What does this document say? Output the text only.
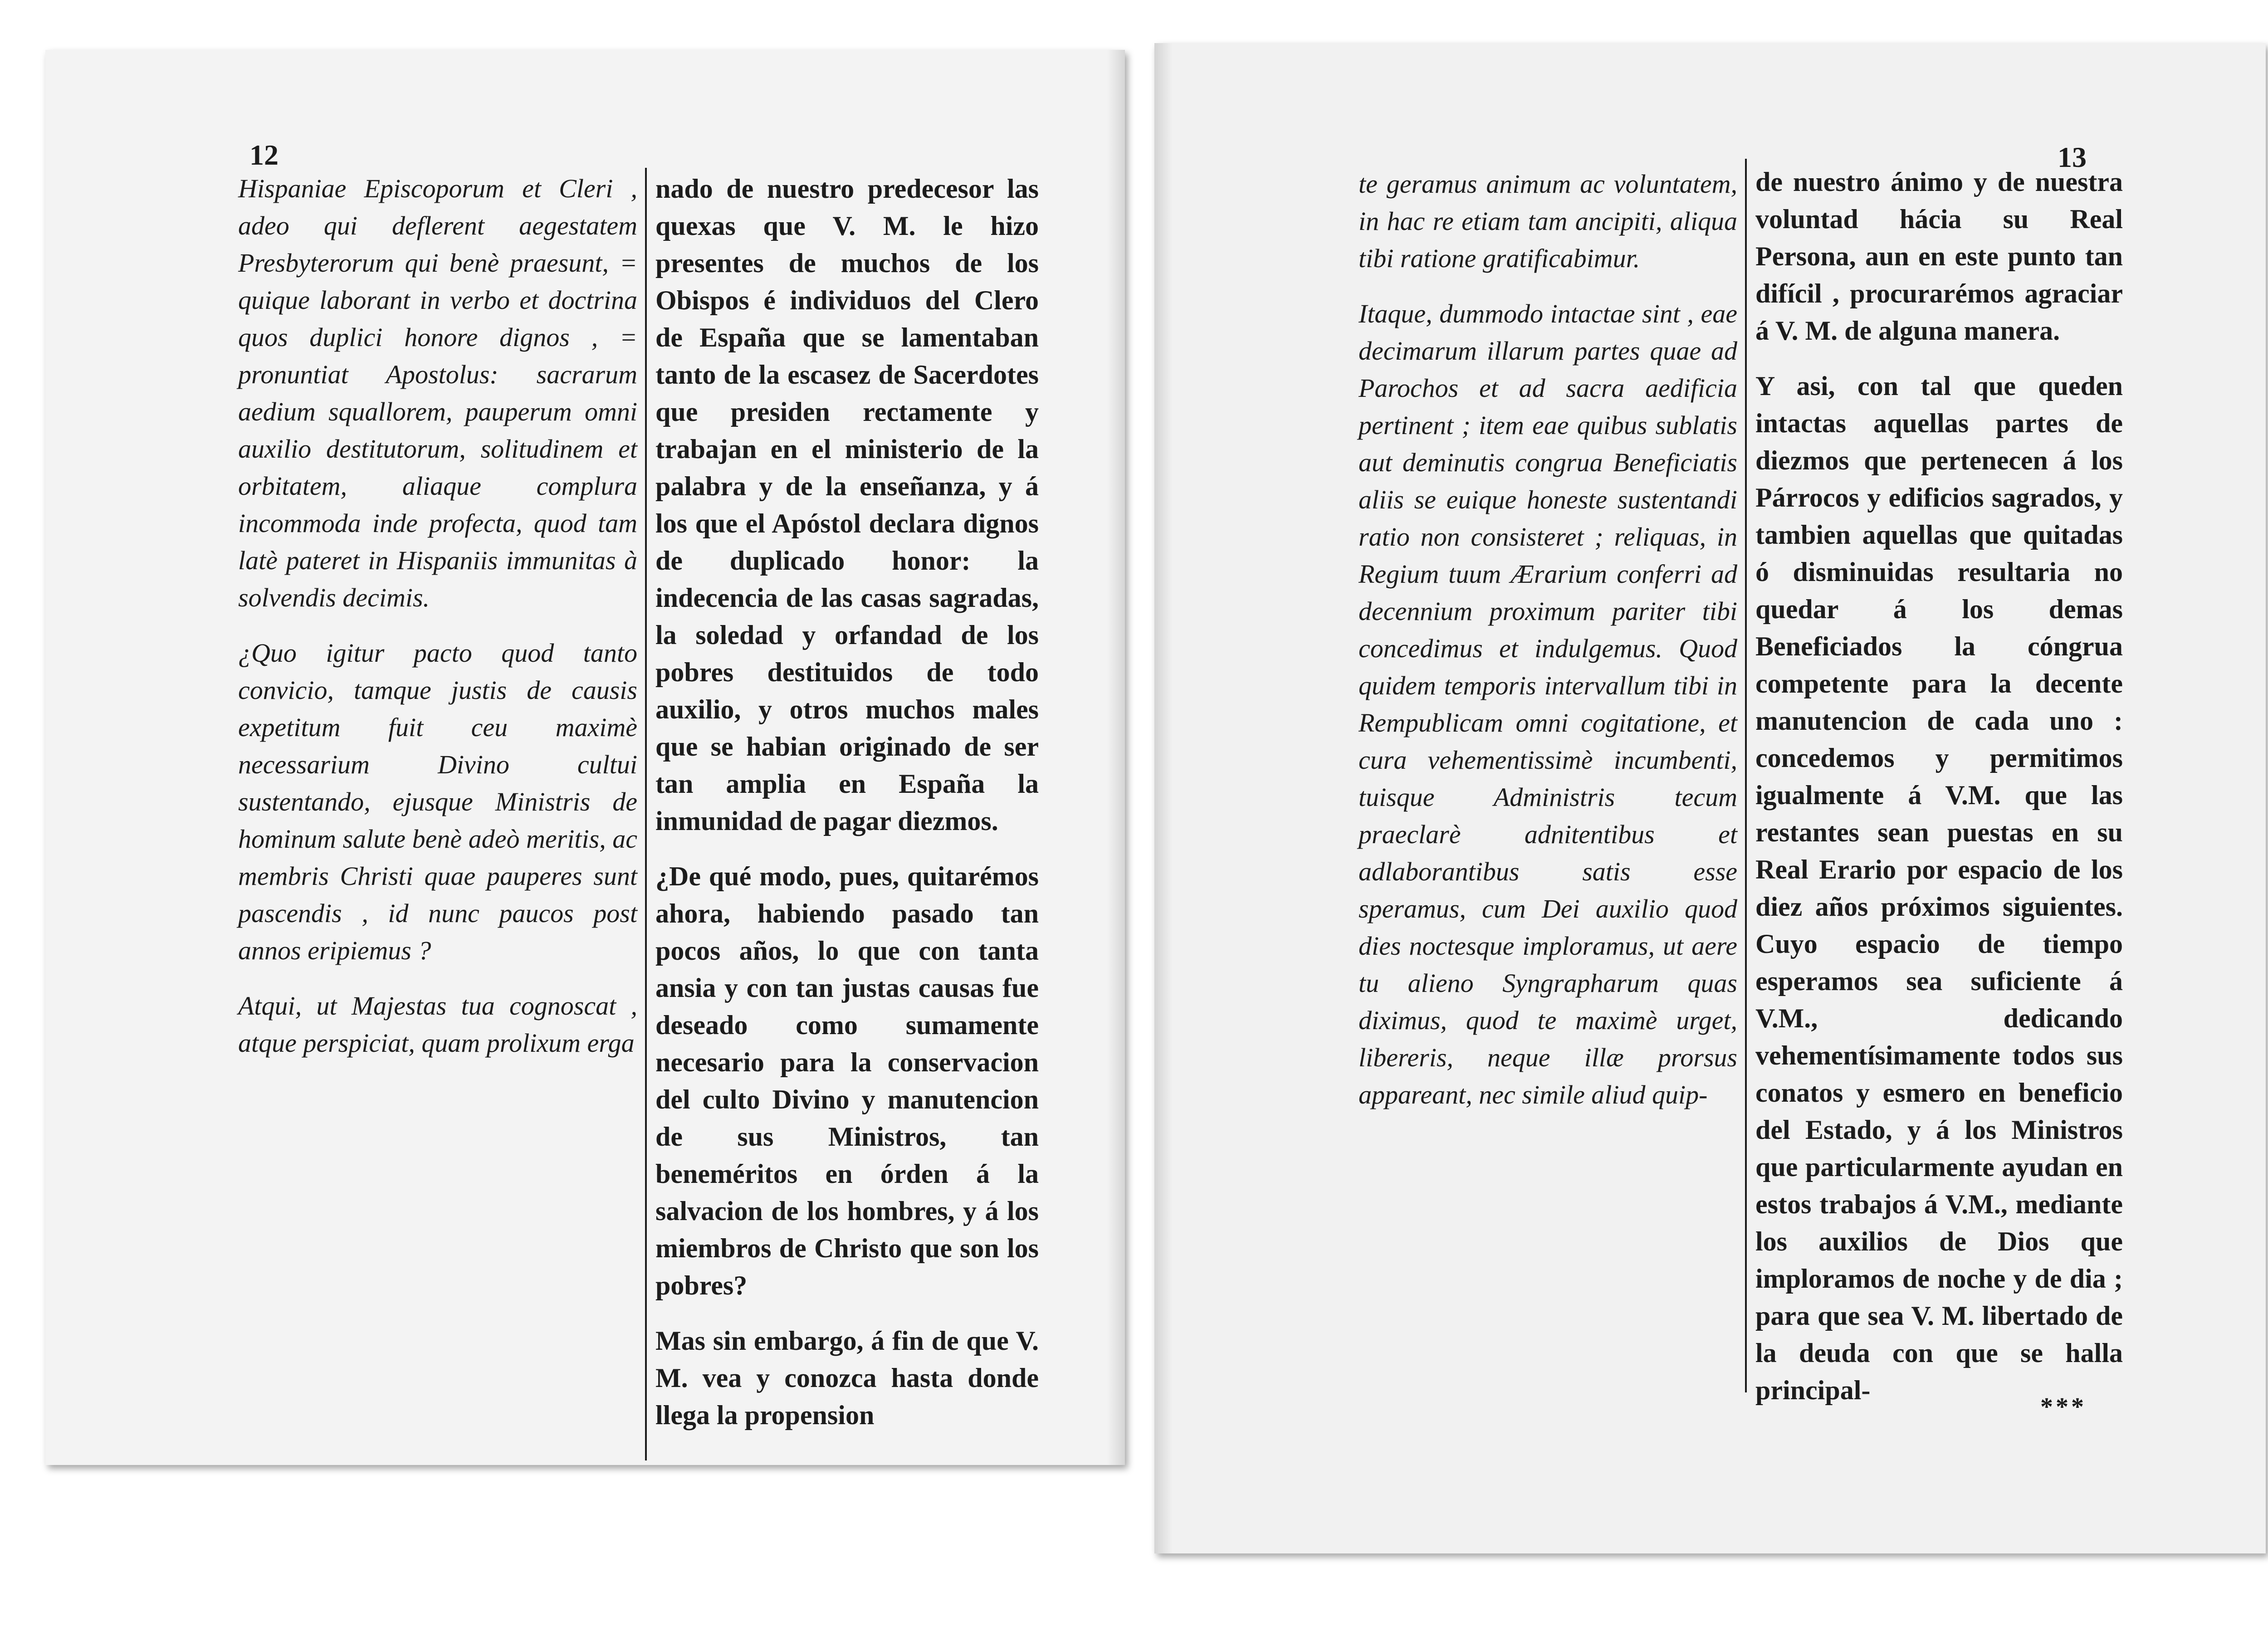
12

Hispaniae Episcoporum et Cleri , adeo qui deflerent aegestatem Presbyterorum qui benè praesunt, = quique laborant in verbo et doctrina quos duplici honore dignos , = pronuntiat Apostolus: sacrarum aedium squallorem, pauperum omni auxilio destitutorum, solitudinem et orbitatem, aliaque complura incommoda inde profecta, quod tam latè pateret in Hispaniis immunitas à solvendis decimis.

¿Quo igitur pacto quod tanto convicio, tamque justis de causis expetitum fuit ceu maximè necessarium Divino cultui sustentando, ejusque Ministris de hominum salute benè adeò meritis, ac membris Christi quae pauperes sunt pascendis , id nunc paucos post annos eripiemus ?

Atqui, ut Majestas tua cognoscat , atque perspiciat, quam prolixum erga

nado de nuestro predecesor las quexas que V. M. le hizo presentes de muchos de los Obispos é individuos del Clero de España que se lamentaban tanto de la escasez de Sacerdotes que presiden rectamente y trabajan en el ministerio de la palabra y de la enseñanza, y á los que el Apóstol declara dignos de duplicado honor: la indecencia de las casas sagradas, la soledad y orfandad de los pobres destituidos de todo auxilio, y otros muchos males que se habian originado de ser tan amplia en España la inmunidad de pagar diezmos.

¿De qué modo, pues, quitarémos ahora, habiendo pasado tan pocos años, lo que con tanta ansia y con tan justas causas fue deseado como sumamente necesario para la conservacion del culto Divino y manutencion de sus Ministros, tan beneméritos en órden á la salvacion de los hombres, y á los miembros de Christo que son los pobres?

Mas sin embargo, á fin de que V. M. vea y conozca hasta donde llega la propension

13

te geramus animum ac voluntatem, in hac re etiam tam ancipiti, aliqua tibi ratione gratificabimur.

Itaque, dummodo intactae sint , eae decimarum illarum partes quae ad Parochos et ad sacra aedificia pertinent ; item eae quibus sublatis aut deminutis congrua Beneficiatis aliis se euique honeste sustentandi ratio non consisteret ; reliquas, in Regium tuum Ærarium conferri ad decennium proximum pariter tibi concedimus et indulgemus. Quod quidem temporis intervallum tibi in Rempublicam omni cogitatione, et cura vehementissimè incumbenti, tuisque Administris tecum praeclarè adnitentibus et adlaborantibus satis esse speramus, cum Dei auxilio quod dies noctesque imploramus, ut aere tu alieno Syngrapharum quas diximus, quod te maximè urget, libereris, neque illæ prorsus appareant, nec simile aliud quip-

de nuestro ánimo y de nuestra voluntad hácia su Real Persona, aun en este punto tan difícil , procurarémos agraciar á V. M. de alguna manera.

Y asi, con tal que queden intactas aquellas partes de diezmos que pertenecen á los Párrocos y edificios sagrados, y tambien aquellas que quitadas ó disminuidas resultaria no quedar á los demas Beneficiados la cóngrua competente para la decente manutencion de cada uno : concedemos y permitimos igualmente á V.M. que las restantes sean puestas en su Real Erario por espacio de los diez años próximos siguientes. Cuyo espacio de tiempo esperamos sea suficiente á V.M., dedicando vehementísimamente todos sus conatos y esmero en beneficio del Estado, y á los Ministros que particularmente ayudan en estos trabajos á V.M., mediante los auxilios de Dios que imploramos de noche y de dia ; para que sea V. M. libertado de la deuda con que se halla principal-

***
